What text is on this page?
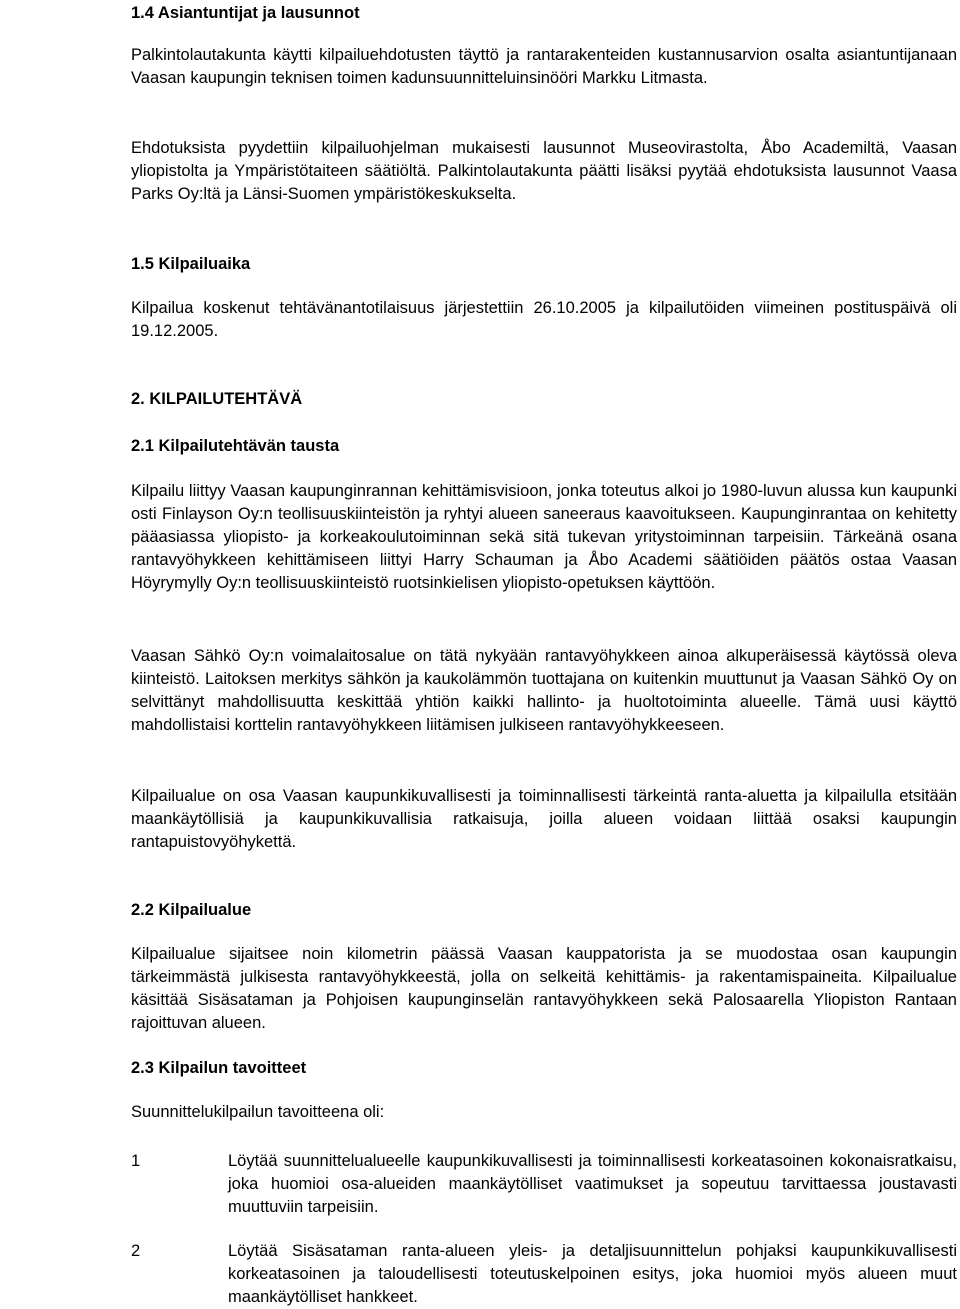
1.4 Asiantuntijat ja lausunnot

Palkintolautakunta käytti kilpailuehdotusten täyttö ja rantarakenteiden kustannusarvion osalta asiantuntijanaan Vaasan kaupungin teknisen toimen kadunsuunnitteluinsinööri Markku Litmasta.

Ehdotuksista pyydettiin kilpailuohjelman mukaisesti lausunnot Museovirastolta, Åbo Academiltä, Vaasan yliopistolta ja Ympäristötaiteen säätiöltä. Palkintolautakunta päätti lisäksi pyytää ehdotuksista lausunnot Vaasa Parks Oy:ltä ja Länsi-Suomen ympäristökeskukselta.

1.5 Kilpailuaika

Kilpailua koskenut tehtävänantotilaisuus järjestettiin 26.10.2005 ja kilpailutöiden viimeinen postituspäivä oli 19.12.2005.

2. KILPAILUTEHTÄVÄ
2.1 Kilpailutehtävän tausta

Kilpailu liittyy Vaasan kaupunginrannan kehittämisvisioon, jonka toteutus alkoi jo 1980-luvun alussa kun kaupunki osti Finlayson Oy:n teollisuuskiinteistön ja ryhtyi alueen saneeraus kaavoitukseen. Kaupunginrantaa on kehitetty pääasiassa yliopisto- ja korkeakoulutoiminnan sekä sitä tukevan yritystoiminnan tarpeisiin. Tärkeänä osana rantavyöhykkeen kehittämiseen liittyi Harry Schauman ja Åbo Academi säätiöiden päätös ostaa Vaasan Höyrymylly Oy:n teollisuuskiinteistö ruotsinkielisen yliopisto-opetuksen käyttöön.

Vaasan Sähkö Oy:n voimalaitosalue on tätä nykyään rantavyöhykkeen ainoa alkuperäisessä käytössä oleva kiinteistö. Laitoksen merkitys sähkön ja kaukolämmön tuottajana on kuitenkin muuttunut ja Vaasan Sähkö Oy on selvittänyt mahdollisuutta keskittää yhtiön kaikki hallinto- ja huoltotoiminta alueelle. Tämä uusi käyttö mahdollistaisi korttelin rantavyöhykkeen liitämisen julkiseen rantavyöhykkeeseen.

Kilpailualue on osa Vaasan kaupunkikuvallisesti ja toiminnallisesti tärkeintä ranta-aluetta ja kilpailulla etsitään maankäytöllisiä ja kaupunkikuvallisia ratkaisuja, joilla alueen voidaan liittää osaksi kaupungin rantapuistovyöhykettä.

2.2 Kilpailualue

Kilpailualue sijaitsee noin kilometrin päässä Vaasan kauppatorista ja se muodostaa osan kaupungin tärkeimmästä julkisesta rantavyöhykkeestä, jolla on selkeitä kehittämis- ja rakentamispaineita. Kilpailualue käsittää Sisäsataman ja Pohjoisen kaupunginselän rantavyöhykkeen sekä Palosaarella Yliopiston Rantaan rajoittuvan alueen.

2.3 Kilpailun tavoitteet

Suunnittelukilpailun tavoitteena oli:

1	Löytää suunnittelualueelle kaupunkikuvallisesti ja toiminnallisesti korkeatasoinen kokonaisratkaisu, joka huomioi osa-alueiden maankäytölliset vaatimukset ja sopeutuu tarvittaessa joustavasti muuttuviin tarpeisiin.

2	Löytää Sisäsataman ranta-alueen yleis- ja detaljisuunnittelun pohjaksi kaupunkikuvallisesti korkeatasoinen ja taloudellisesti toteutuskelpoinen esitys, joka huomioi myös alueen muut maankäytölliset hankkeet.
